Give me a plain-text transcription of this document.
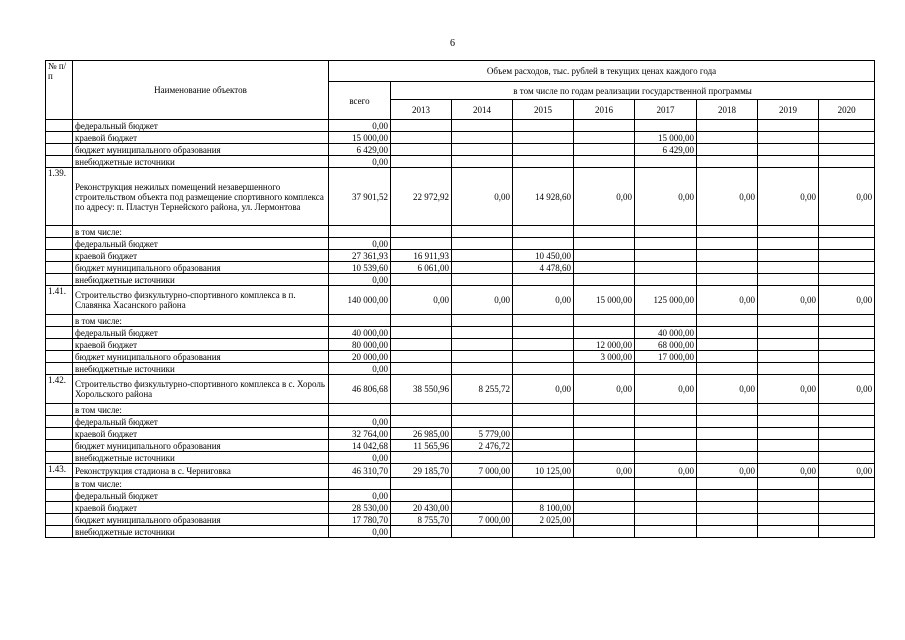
6
№ п/п	Наименование объектов	Объем расходов, тыс. рублей в текущих ценах каждого года								
		всего	в том числе по годам реализации государственной программы							
			2013	2014	2015	2016	2017	2018	2019	2020
	федеральный бюджет	0,00								
	краевой бюджет	15 000,00					15 000,00			
	бюджет муниципального образования	6 429,00					6 429,00			
	внебюджетные источники	0,00								
1.39.	Реконструкция нежилых помещений незавершенного строительством объекта под размещение спортивного комплекса по адресу: п. Пластун Тернейского района, ул. Лермонтова	37 901,52	22 972,92	0,00	14 928,60	0,00	0,00	0,00	0,00	0,00
	в том числе:									
	федеральный бюджет	0,00								
	краевой бюджет	27 361,93	16 911,93		10 450,00					
	бюджет муниципального образования	10 539,60	6 061,00		4 478,60					
	внебюджетные источники	0,00								
1.41.	Строительство физкультурно-спортивного комплекса в п. Славянка Хасанского района	140 000,00	0,00	0,00	0,00	15 000,00	125 000,00	0,00	0,00	0,00
	в том числе:									
	федеральный бюджет	40 000,00					40 000,00			
	краевой бюджет	80 000,00				12 000,00	68 000,00			
	бюджет муниципального образования	20 000,00				3 000,00	17 000,00			
	внебюджетные источники	0,00								
1.42.	Строительство физкультурно-спортивного комплекса в с. Хороль Хорольского района	46 806,68	38 550,96	8 255,72	0,00	0,00	0,00	0,00	0,00	0,00
	в том числе:									
	федеральный бюджет	0,00								
	краевой бюджет	32 764,00	26 985,00	5 779,00						
	бюджет муниципального образования	14 042,68	11 565,96	2 476,72						
	внебюджетные источники	0,00								
1.43.	Реконструкция стадиона в с. Черниговка	46 310,70	29 185,70	7 000,00	10 125,00	0,00	0,00	0,00	0,00	0,00
	в том числе:									
	федеральный бюджет	0,00								
	краевой бюджет	28 530,00	20 430,00		8 100,00					
	бюджет муниципального образования	17 780,70	8 755,70	7 000,00	2 025,00					
	внебюджетные источники	0,00								
